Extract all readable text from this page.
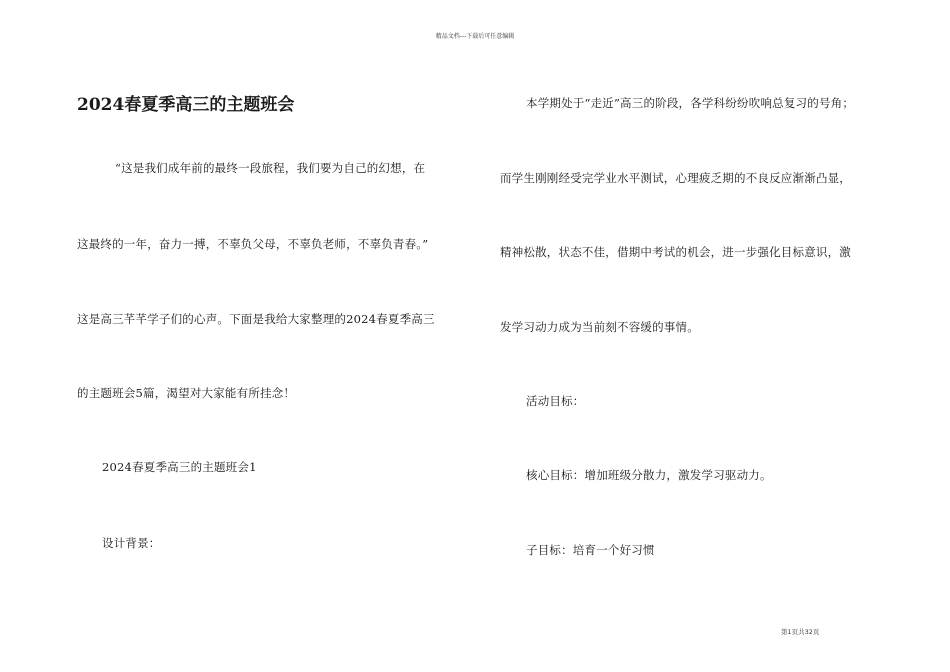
精品文档---下载后可任意编辑
2024春夏季高三的主题班会

“这是我们成年前的最终一段旅程，我们要为自己的幻想，在

这最终的一年，奋力一搏，不辜负父母，不辜负老师，不辜负青春。”

这是高三芊芊学子们的心声。下面是我给大家整理的2024春夏季高三

的主题班会5篇，渴望对大家能有所挂念！

2024春夏季高三的主题班会1

设计背景：

本学期处于“走近”高三的阶段，各学科纷纷吹响总复习的号角；

而学生刚刚经受完学业水平测试，心理疲乏期的不良反应渐渐凸显，

精神松散，状态不佳，借期中考试的机会，进一步强化目标意识，激

发学习动力成为当前刻不容缓的事情。

活动目标：

核心目标：增加班级分散力，激发学习驱动力。

子目标：培育一个好习惯

第1页共32页
